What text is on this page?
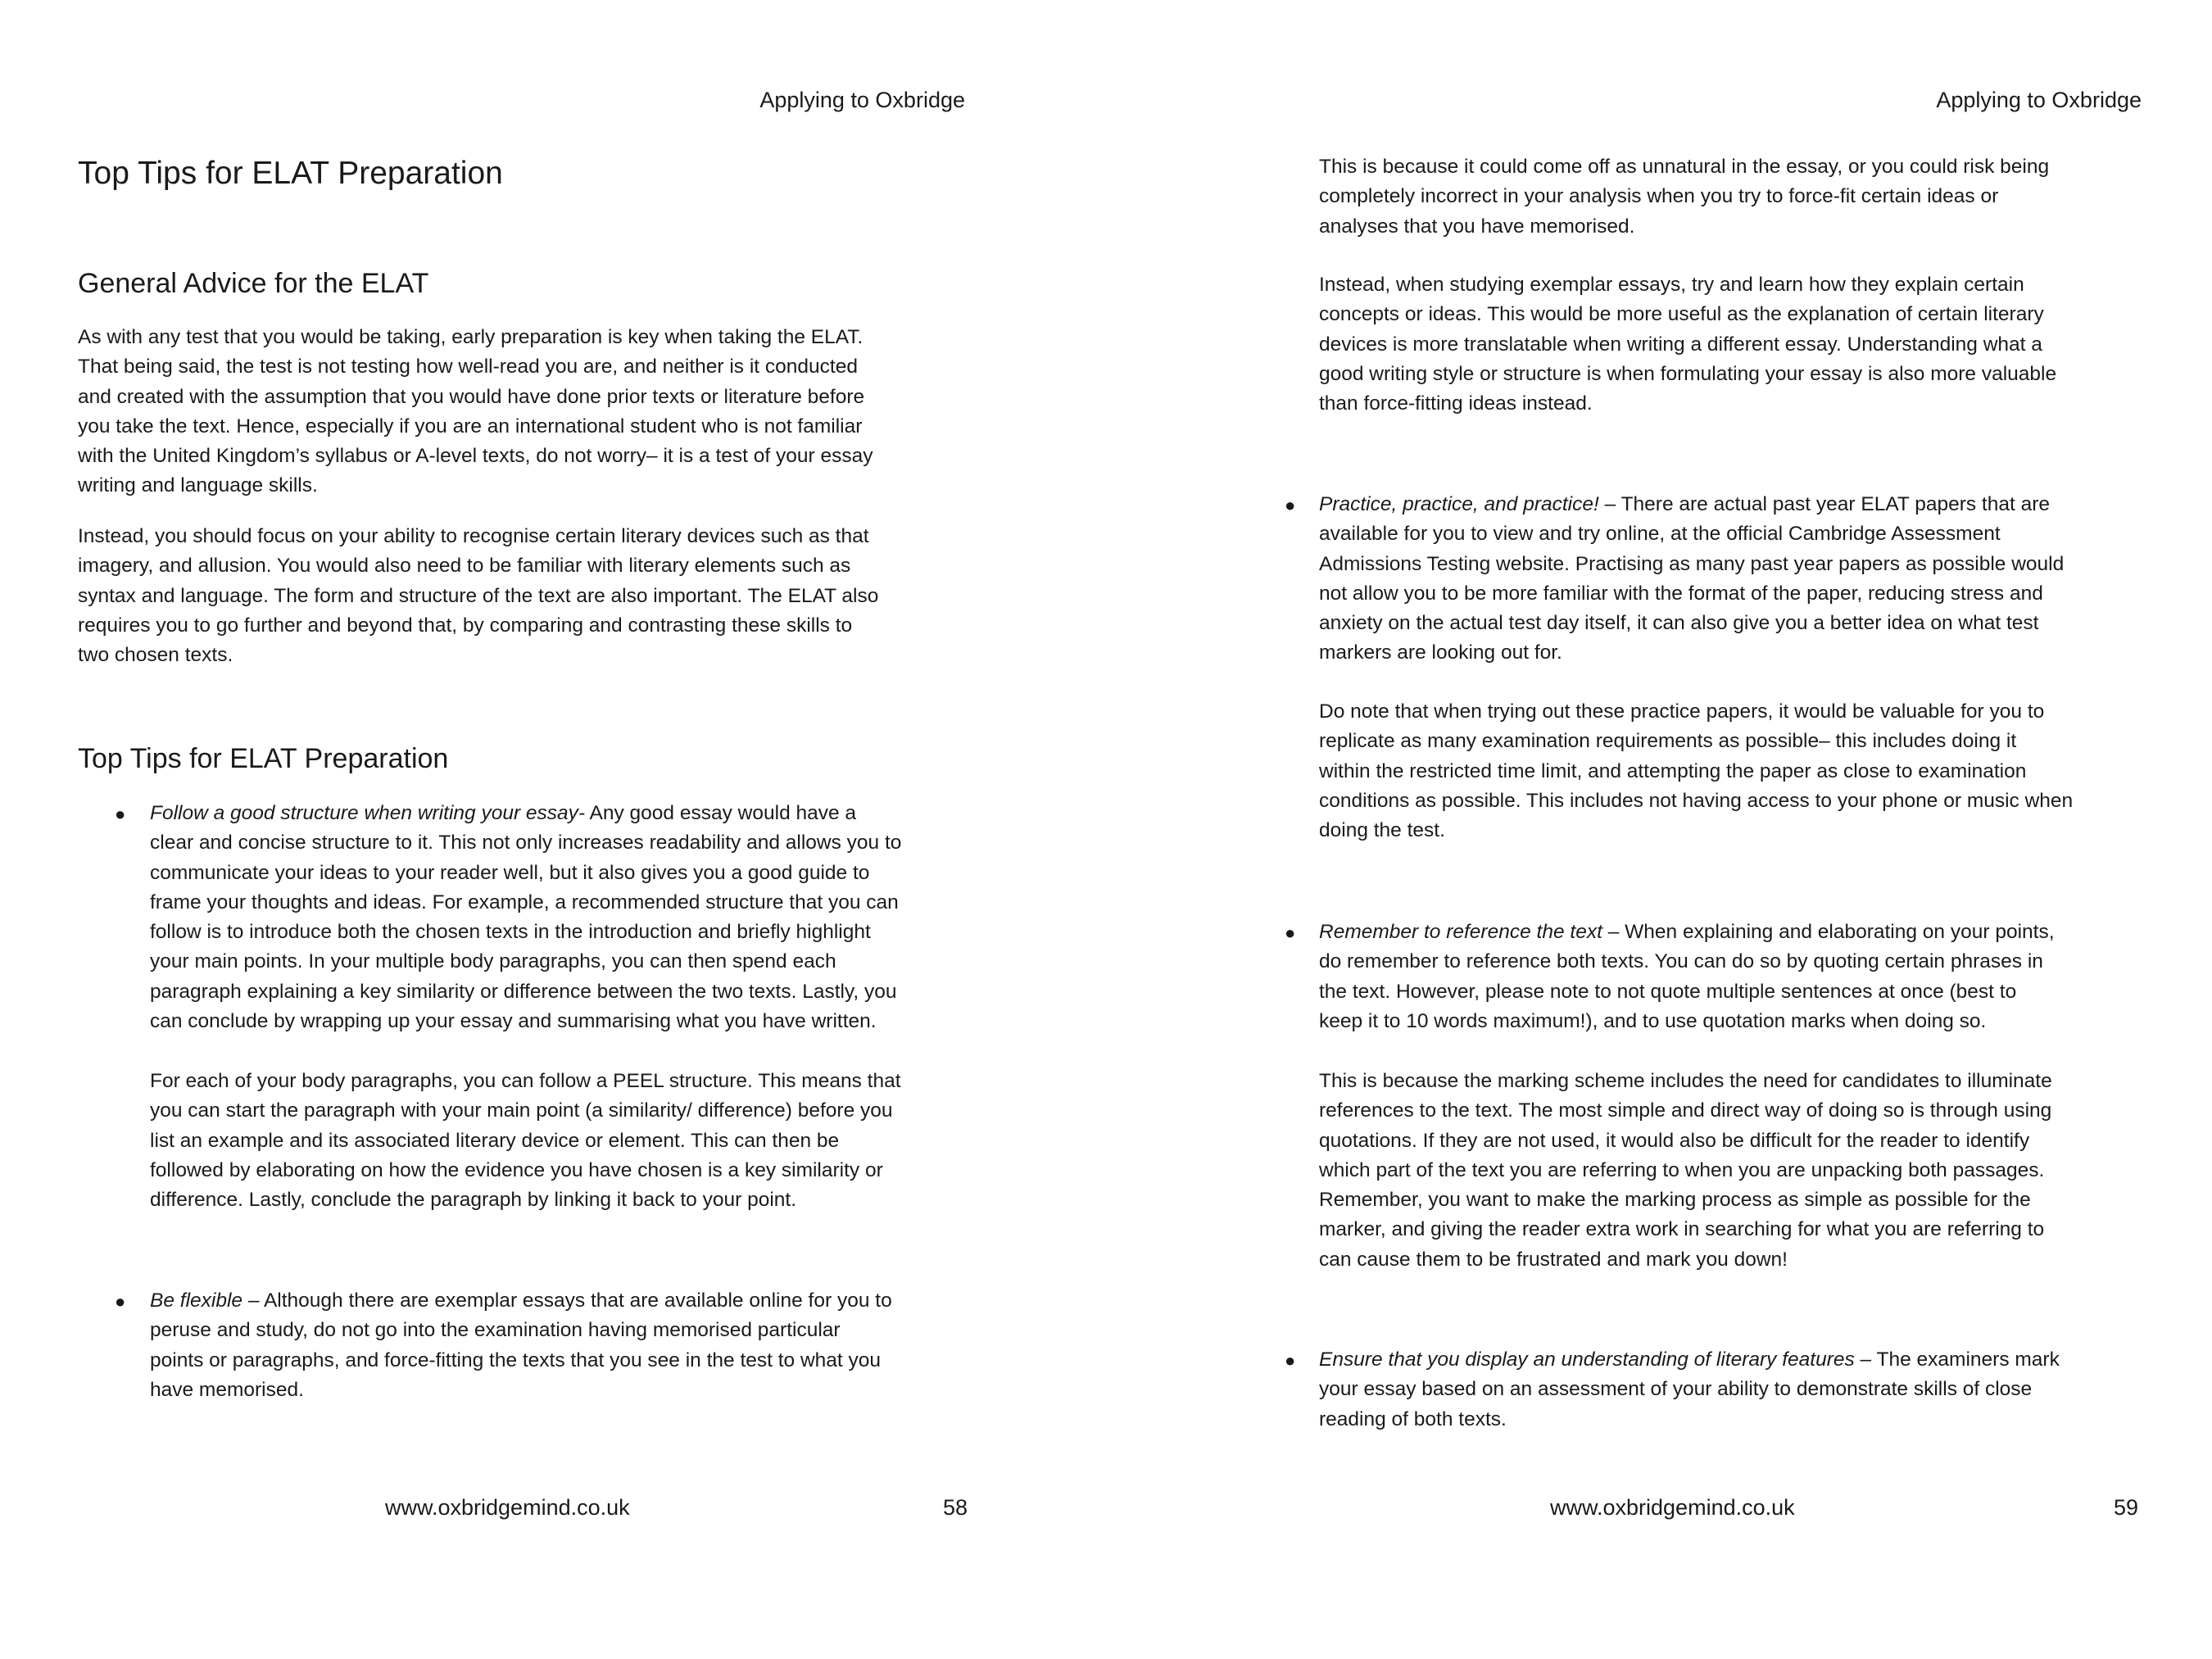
Applying to Oxbridge
Top Tips for ELAT Preparation
General Advice for the ELAT

As with any test that you would be taking, early preparation is key when taking the ELAT.
That being said, the test is not testing how well-read you are, and neither is it conducted
and created with the assumption that you would have done prior texts or literature before
you take the text. Hence, especially if you are an international student who is not familiar
with the United Kingdom’s syllabus or A-level texts, do not worry– it is a test of your essay
writing and language skills.

Instead, you should focus on your ability to recognise certain literary devices such as that
imagery, and allusion. You would also need to be familiar with literary elements such as
syntax and language. The form and structure of the text are also important. The ELAT also
requires you to go further and beyond that, by comparing and contrasting these skills to
two chosen texts.

Top Tips for ELAT Preparation
● Follow a good structure when writing your essay- Any good essay would have a
clear and concise structure to it. This not only increases readability and allows you to
communicate your ideas to your reader well, but it also gives you a good guide to
frame your thoughts and ideas. For example, a recommended structure that you can
follow is to introduce both the chosen texts in the introduction and briefly highlight
your main points. In your multiple body paragraphs, you can then spend each
paragraph explaining a key similarity or difference between the two texts. Lastly, you
can conclude by wrapping up your essay and summarising what you have written.

For each of your body paragraphs, you can follow a PEEL structure. This means that
you can start the paragraph with your main point (a similarity/ difference) before you
list an example and its associated literary device or element. This can then be
followed by elaborating on how the evidence you have chosen is a key similarity or
difference. Lastly, conclude the paragraph by linking it back to your point.

● Be flexible – Although there are exemplar essays that are available online for you to
peruse and study, do not go into the examination having memorised particular
points or paragraphs, and force-fitting the texts that you see in the test to what you
have memorised.

www.oxbridgemind.co.uk	58
Applying to Oxbridge

This is because it could come off as unnatural in the essay, or you could risk being
completely incorrect in your analysis when you try to force-fit certain ideas or
analyses that you have memorised.

Instead, when studying exemplar essays, try and learn how they explain certain
concepts or ideas. This would be more useful as the explanation of certain literary
devices is more translatable when writing a different essay. Understanding what a
good writing style or structure is when formulating your essay is also more valuable
than force-fitting ideas instead.

● Practice, practice, and practice! – There are actual past year ELAT papers that are
available for you to view and try online, at the official Cambridge Assessment
Admissions Testing website. Practising as many past year papers as possible would
not allow you to be more familiar with the format of the paper, reducing stress and
anxiety on the actual test day itself, it can also give you a better idea on what test
markers are looking out for.

Do note that when trying out these practice papers, it would be valuable for you to
replicate as many examination requirements as possible– this includes doing it
within the restricted time limit, and attempting the paper as close to examination
conditions as possible. This includes not having access to your phone or music when
doing the test.

● Remember to reference the text – When explaining and elaborating on your points,
do remember to reference both texts. You can do so by quoting certain phrases in
the text. However, please note to not quote multiple sentences at once (best to
keep it to 10 words maximum!), and to use quotation marks when doing so.

This is because the marking scheme includes the need for candidates to illuminate
references to the text. The most simple and direct way of doing so is through using
quotations. If they are not used, it would also be difficult for the reader to identify
which part of the text you are referring to when you are unpacking both passages.
Remember, you want to make the marking process as simple as possible for the
marker, and giving the reader extra work in searching for what you are referring to
can cause them to be frustrated and mark you down!

● Ensure that you display an understanding of literary features – The examiners mark
your essay based on an assessment of your ability to demonstrate skills of close
reading of both texts.

www.oxbridgemind.co.uk	59
